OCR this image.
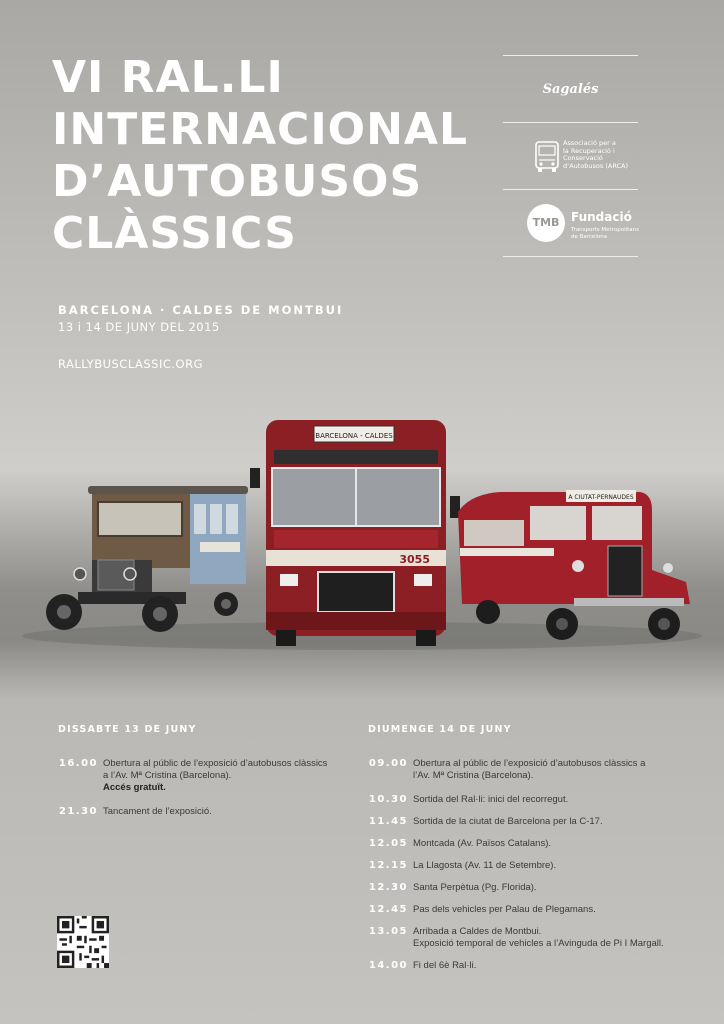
VI RAL.LI
INTERNACIONAL
D’AUTOBUSOS
CLÀSSICS
BARCELONA · CALDES DE MONTBUI
13 i 14 DE JUNY DEL 2015
RALLYBUSCLASSIC.ORG
Sagalés
Associació per a
la Recuperació i
Conservació
d’Autobusos (ARCA)
TMB Fundació
Transports Metropolitans
de Barcelona
BARCELONA - CALDES
3055
A CIUTAT-PERNAUDES
DISSABTE 13 DE JUNY
16.00 Obertura al públic de l’exposició d’autobusos clàssics
a l’Av. Mª Cristina (Barcelona).
Accés gratuït.
21.30 Tancament de l’exposició.
DIUMENGE 14 DE JUNY
09.00 Obertura al públic de l’exposició d’autobusos clàssics a
l’Av. Mª Cristina (Barcelona).
10.30 Sortida del Ral·li: inici del recorregut.
11.45 Sortida de la ciutat de Barcelona per la C-17.
12.05 Montcada (Av. Països Catalans).
12.15 La Llagosta (Av. 11 de Setembre).
12.30 Santa Perpètua (Pg. Florida).
12.45 Pas dels vehicles per Palau de Plegamans.
13.05 Arribada a Caldes de Montbui.
Exposició temporal de vehicles a l’Avinguda de Pi I Margall.
14.00 Fi del 6è Ral·li.
